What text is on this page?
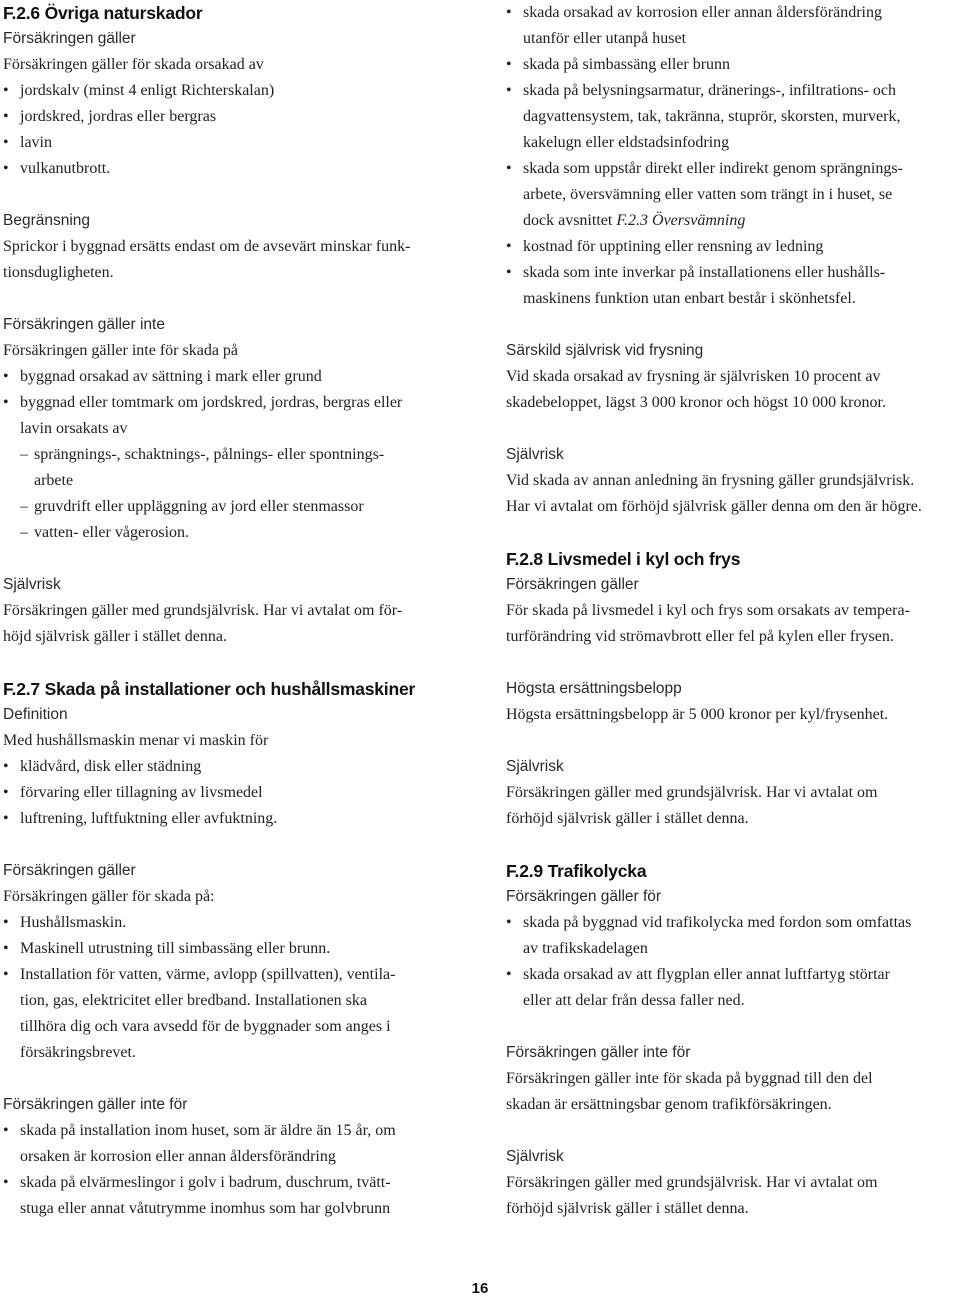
F.2.6 Övriga naturskador
Försäkringen gäller
Försäkringen gäller för skada orsakad av
• jordskalv (minst 4 enligt Richterskalan)
• jordskred, jordras eller bergras
• lavin
• vulkanutbrott.
Begränsning
Sprickor i byggnad ersätts endast om de avsevärt minskar funk-
tionsdugligheten.
Försäkringen gäller inte
Försäkringen gäller inte för skada på
• byggnad orsakad av sättning i mark eller grund
• byggnad eller tomtmark om jordskred, jordras, bergras eller
lavin orsakats av
– sprängnings-, schaktnings-, pålnings- eller spontnings-
arbete
– gruvdrift eller uppläggning av jord eller stenmassor
– vatten- eller vågerosion.
Självrisk
Försäkringen gäller med grundsjälvrisk. Har vi avtalat om för-
höjd självrisk gäller i stället denna.
F.2.7 Skada på installationer och hushållsmaskiner
Definition
Med hushållsmaskin menar vi maskin för
• klädvård, disk eller städning
• förvaring eller tillagning av livsmedel
• luftrening, luftfuktning eller avfuktning.
Försäkringen gäller
Försäkringen gäller för skada på:
• Hushållsmaskin.
• Maskinell utrustning till simbassäng eller brunn.
• Installation för vatten, värme, avlopp (spillvatten), ventila-
tion, gas, elektricitet eller bredband. Installationen ska
tillhöra dig och vara avsedd för de byggnader som anges i
försäkringsbrevet.
Försäkringen gäller inte för
• skada på installation inom huset, som är äldre än 15 år, om
orsaken är korrosion eller annan åldersförändring
• skada på elvärmeslingor i golv i badrum, duschrum, tvätt-
stuga eller annat våtutrymme inomhus som har golvbrunn
• skada orsakad av korrosion eller annan åldersförändring
utanför eller utanpå huset
• skada på simbassäng eller brunn
• skada på belysningsarmatur, dränerings-, infiltrations- och
dagvattensystem, tak, takränna, stuprör, skorsten, murverk,
kakelugn eller eldstadsinfodring
• skada som uppstår direkt eller indirekt genom sprängnings-
arbete, översvämning eller vatten som trängt in i huset, se
dock avsnittet F.2.3 Översvämning
• kostnad för upptining eller rensning av ledning
• skada som inte inverkar på installationens eller hushålls-
maskinens funktion utan enbart består i skönhetsfel.
Särskild självrisk vid frysning
Vid skada orsakad av frysning är självrisken 10 procent av
skadebeloppet, lägst 3 000 kronor och högst 10 000 kronor.
Självrisk
Vid skada av annan anledning än frysning gäller grundsjälvrisk.
Har vi avtalat om förhöjd självrisk gäller denna om den är högre.
F.2.8 Livsmedel i kyl och frys
Försäkringen gäller
För skada på livsmedel i kyl och frys som orsakats av tempera-
turförändring vid strömavbrott eller fel på kylen eller frysen.
Högsta ersättningsbelopp
Högsta ersättningsbelopp är 5 000 kronor per kyl/frysenhet.
Självrisk
Försäkringen gäller med grundsjälvrisk. Har vi avtalat om
förhöjd självrisk gäller i stället denna.
F.2.9 Trafikolycka
Försäkringen gäller för
• skada på byggnad vid trafikolycka med fordon som omfattas
av trafikskadelagen
• skada orsakad av att flygplan eller annat luftfartyg störtar
eller att delar från dessa faller ned.
Försäkringen gäller inte för
Försäkringen gäller inte för skada på byggnad till den del
skadan är ersättningsbar genom trafikförsäkringen.
Självrisk
Försäkringen gäller med grundsjälvrisk. Har vi avtalat om
förhöjd självrisk gäller i stället denna.
16
